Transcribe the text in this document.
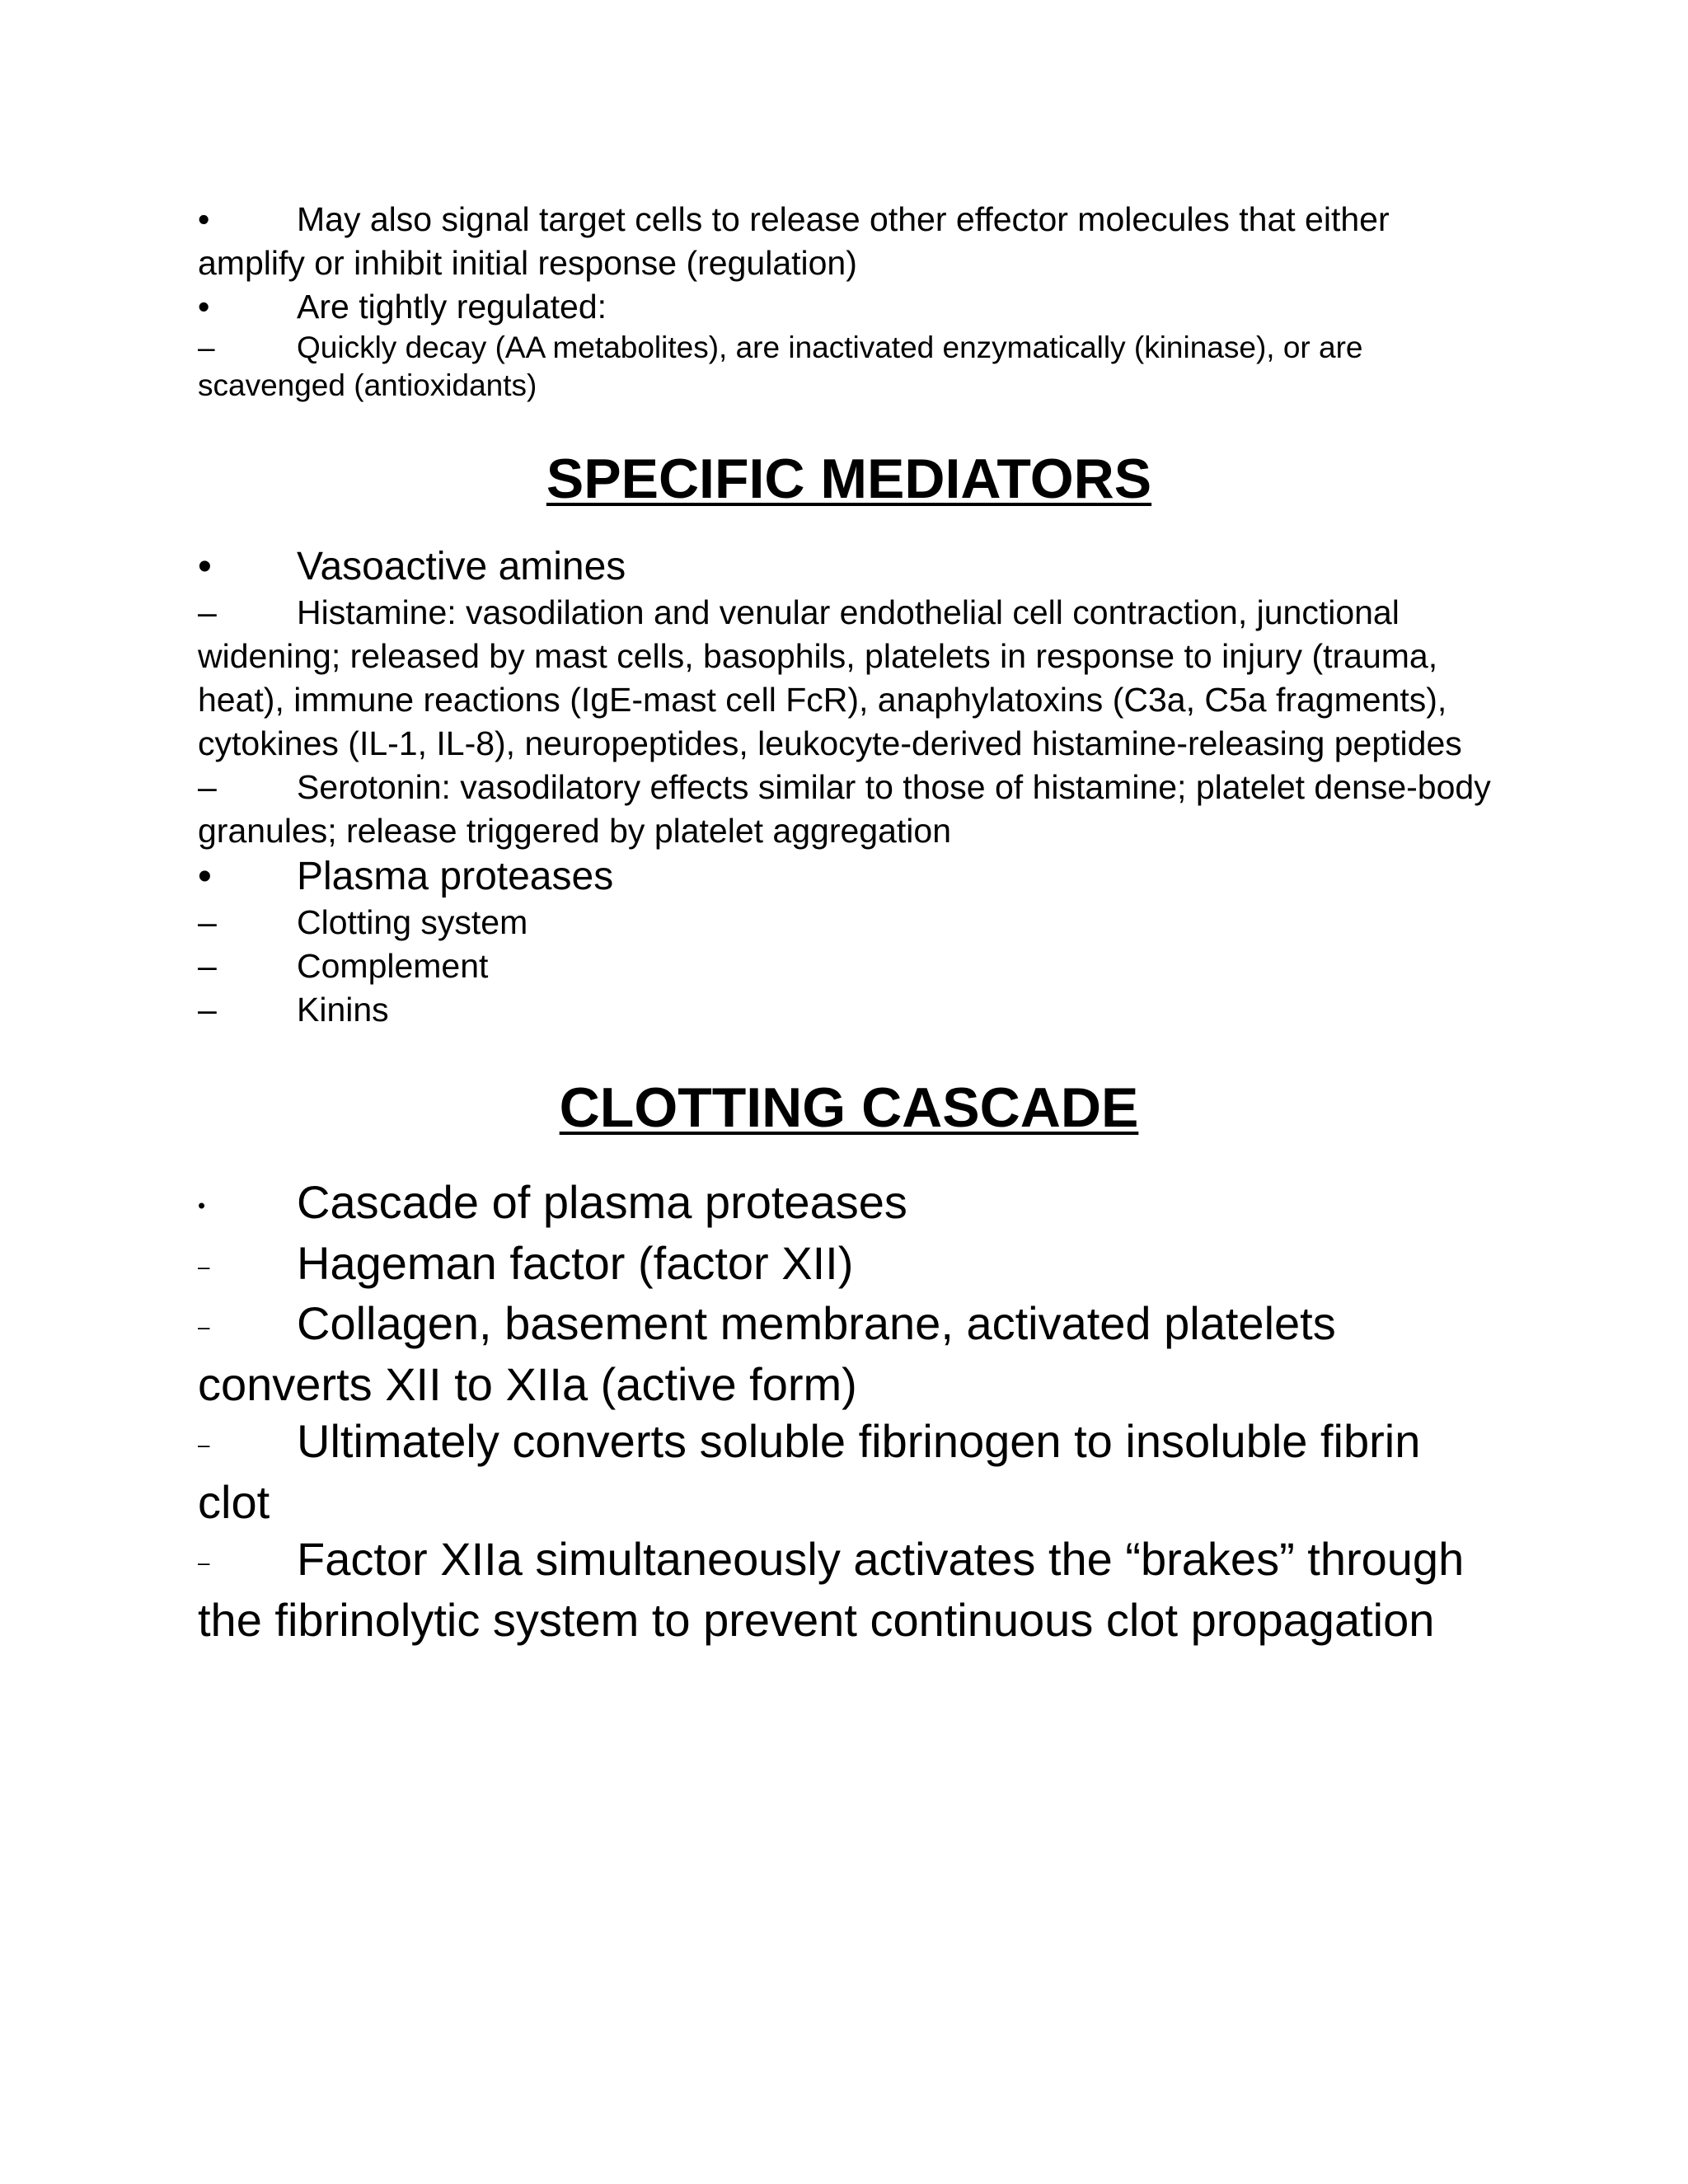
•	May also signal target cells to release other effector molecules that either amplify or inhibit initial response (regulation)

•	Are tightly regulated:

–	Quickly decay (AA metabolites), are inactivated enzymatically (kininase), or are scavenged (antioxidants)

SPECIFIC MEDIATORS

• Vasoactive amines

– Histamine: vasodilation and venular endothelial cell contraction, junctional widening; released by mast cells, basophils, platelets in response to injury (trauma, heat), immune reactions (IgE-mast cell FcR), anaphylatoxins (C3a, C5a fragments), cytokines (IL-1, IL-8), neuropeptides, leukocyte-derived histamine-releasing peptides

– Serotonin: vasodilatory effects similar to those of histamine; platelet dense-body granules; release triggered by platelet aggregation

• Plasma proteases

– Clotting system

– Complement

– Kinins

CLOTTING CASCADE

• Cascade of plasma proteases

– Hageman factor (factor XII)

– Collagen, basement membrane, activated platelets converts XII to XIIa (active form)

– Ultimately converts soluble fibrinogen to insoluble fibrin clot

– Factor XIIa simultaneously activates the “brakes” through the fibrinolytic system to prevent continuous clot propagation
